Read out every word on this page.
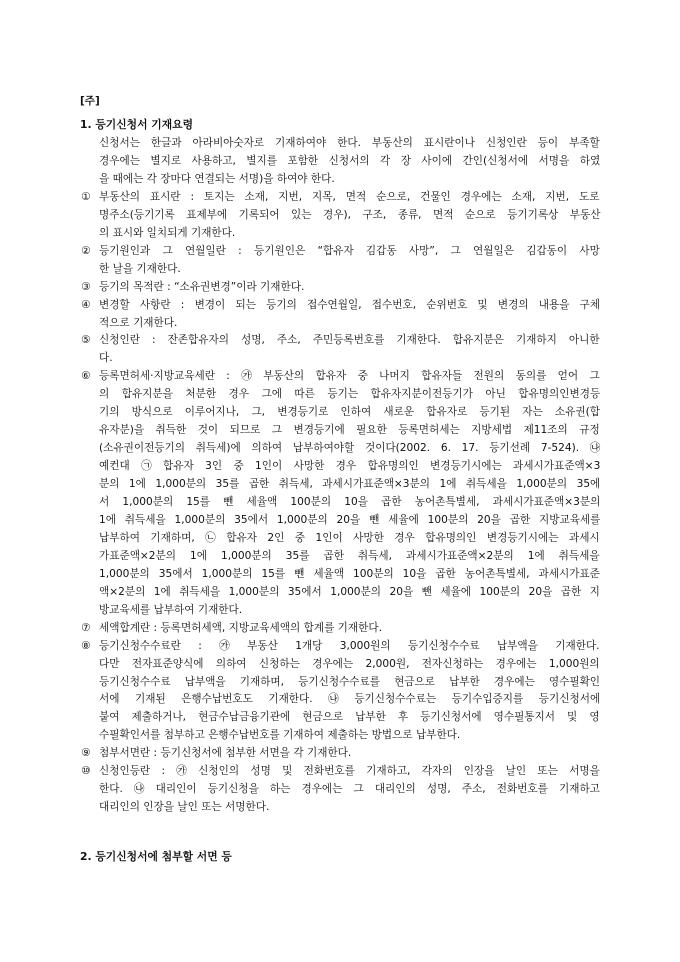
[주]
1. 등기신청서 기재요령
신청서는 한글과 아라비아숫자로 기재하여야 한다. 부동산의 표시란이나 신청인란 등이 부족할
경우에는 별지로 사용하고, 별지를 포함한 신청서의 각 장 사이에 간인(신청서에 서명을 하였
을 때에는 각 장마다 연결되는 서명)을 하여야 한다.
① 부동산의 표시란 : 토지는 소재, 지번, 지목, 면적 순으로, 건물인 경우에는 소재, 지번, 도로
명주소(등기기록 표제부에 기록되어 있는 경우), 구조, 종류, 면적 순으로 등기기록상 부동산
의 표시와 일치되게 기재한다.
② 등기원인과 그 연월일란 : 등기원인은 “합유자 김갑동 사망”, 그 연월일은 김갑동이 사망
한 날을 기재한다.
③ 등기의 목적란 : “소유권변경”이라 기재한다.
④ 변경할 사항란 : 변경이 되는 등기의 접수연월일, 접수번호, 순위번호 및 변경의 내용을 구체
적으로 기재한다.
⑤ 신청인란 : 잔존합유자의 성명, 주소, 주민등록번호를 기재한다. 합유지분은 기재하지 아니한
다.
⑥ 등록면허세·지방교육세란 : ㉮ 부동산의 합유자 중 나머지 합유자들 전원의 동의를 얻어 그
의 합유지분을 처분한 경우 그에 따른 등기는 합유자지분이전등기가 아닌 합유명의인변경등
기의 방식으로 이루어지나, 그, 변경등기로 인하여 새로운 합유자로 등기된 자는 소유권(합
유자분)을 취득한 것이 되므로 그 변경등기에 필요한 등록면허세는 지방세법 제11조의 규정
(소유권이전등기의 취득세)에 의하여 납부하여야할 것이다(2002. 6. 17. 등기선례 7-524). ㉯
예컨대 ㉠ 합유자 3인 중 1인이 사망한 경우 합유명의인 변경등기시에는 과세시가표준액×3
분의 1에 1,000분의 35를 곱한 취득세, 과세시가표준액×3분의 1에 취득세을 1,000분의 35에
서 1,000분의 15를 뺀 세율액 100분의 10을 곱한 농어촌특별세, 과세시가표준액×3분의
1에 취득세을 1,000분의 35에서 1,000분의 20을 뺀 세율에 100분의 20을 곱한 지방교육세를
납부하여 기재하며, ㉡ 합유자 2인 중 1인이 사망한 경우 합유명의인 변경등기시에는 과세시
가표준액×2분의 1에 1,000분의 35를 곱한 취득세, 과세시가표준액×2분의 1에 취득세을
1,000분의 35에서 1,000분의 15를 뺀 세율액 100분의 10을 곱한 농어촌특별세, 과세시가표준
액×2분의 1에 취득세을 1,000분의 35에서 1,000분의 20을 뺀 세율에 100분의 20을 곱한 지
방교육세를 납부하여 기재한다.
⑦ 세액합계란 : 등록면허세액, 지방교육세액의 합계를 기재한다.
⑧ 등기신청수수료란 : ㉮ 부동산 1개당 3,000원의 등기신청수수료 납부액을 기재한다.
다만 전자표준양식에 의하여 신청하는 경우에는 2,000원, 전자신청하는 경우에는 1,000원의
등기신청수수료 납부액을 기재하며, 등기신청수수료를 현금으로 납부한 경우에는 영수필확인
서에 기재된 은행수납번호도 기재한다. ㉯ 등기신청수수료는 등기수입증지를 등기신청서에
붙여 제출하거나, 현금수납금융기관에 현금으로 납부한 후 등기신청서에 영수필통지서 및 영
수필확인서를 첨부하고 은행수납번호를 기재하여 제출하는 방법으로 납부한다.
⑨ 첨부서면란 : 등기신청서에 첨부한 서면을 각 기재한다.
⑩ 신청인등란 : ㉮ 신청인의 성명 및 전화번호를 기재하고, 각자의 인장을 날인 또는 서명을
한다. ㉯ 대리인이 등기신청을 하는 경우에는 그 대리인의 성명, 주소, 전화번호를 기재하고
대리인의 인장을 날인 또는 서명한다.
2. 등기신청서에 첨부할 서면 등
